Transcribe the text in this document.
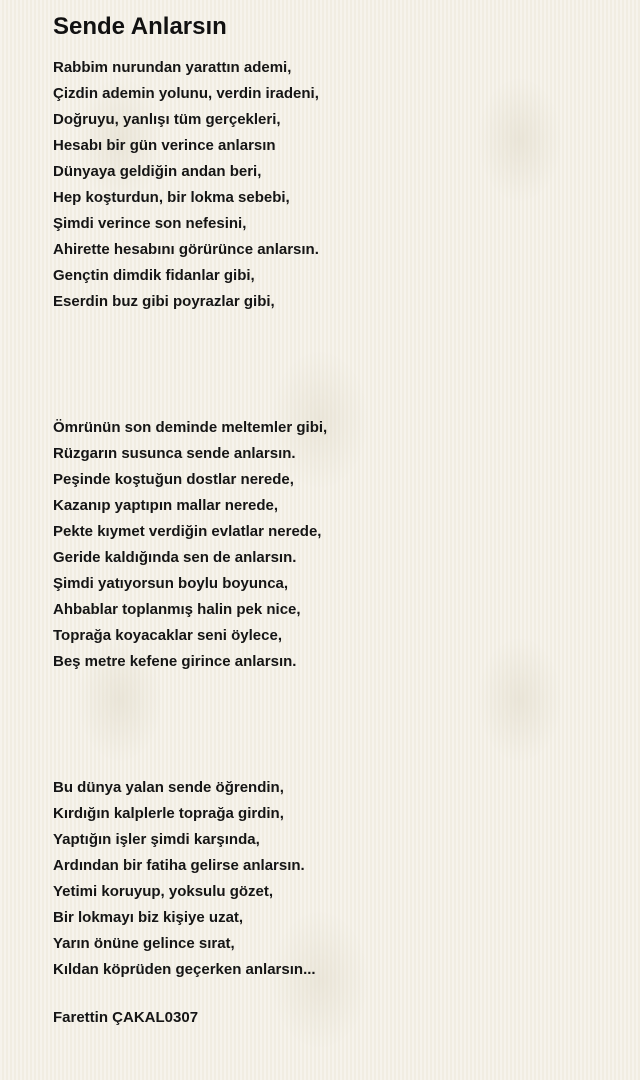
Sende Anlarsın
Rabbim nurundan yarattın ademi,
Çizdin ademin yolunu, verdin iradeni,
Doğruyu, yanlışı tüm gerçekleri,
Hesabı bir gün verince anlarsın
Dünyaya geldiğin andan beri,
Hep koşturdun, bir lokma sebebi,
Şimdi verince son nefesini,
Ahirette hesabını görürünce anlarsın.
Gençtin dimdik fidanlar gibi,
Eserdin buz gibi poyrazlar gibi,
Ömrünün son deminde meltemler gibi,
Rüzgarın susunca sende anlarsın.
Peşinde koştuğun dostlar nerede,
Kazanıp yaptıpın mallar nerede,
Pekte kıymet verdiğin evlatlar nerede,
Geride kaldığında sen de anlarsın.
Şimdi yatıyorsun boylu boyunca,
Ahbablar toplanmış halin pek nice,
Toprağa koyacaklar seni öylece,
Beş metre kefene girince anlarsın.
Bu dünya yalan sende öğrendin,
Kırdığın kalplerle toprağa girdin,
Yaptığın işler şimdi karşında,
Ardından bir fatiha gelirse anlarsın.
Yetimi koruyup, yoksulu gözet,
Bir lokmayı biz kişiye uzat,
Yarın önüne gelince sırat,
Kıldan köprüden geçerken anlarsın...
Farettin ÇAKAL0307
